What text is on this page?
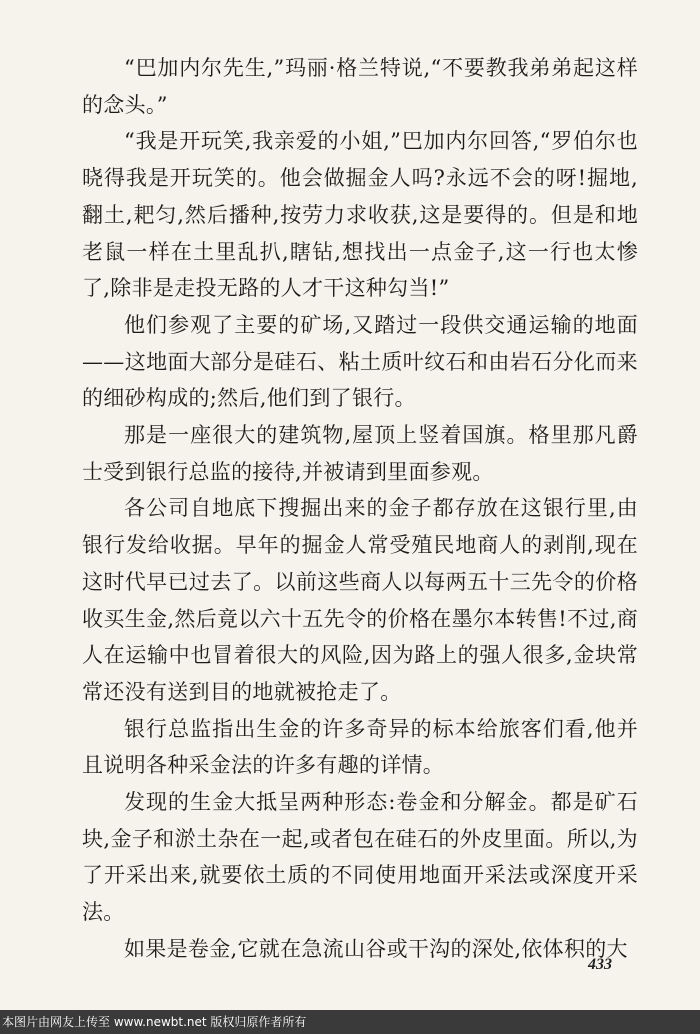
“巴加内尔先生,”玛丽·格兰特说,“不要教我弟弟起这样的念头。”

“我是开玩笑,我亲爱的小姐,”巴加内尔回答,“罗伯尔也晓得我是开玩笑的。他会做掘金人吗?永远不会的呀!掘地,翻土,耙匀,然后播种,按劳力求收获,这是要得的。但是和地老鼠一样在土里乱扒,瞎钻,想找出一点金子,这一行也太惨了,除非是走投无路的人才干这种勾当!”

他们参观了主要的矿场,又踏过一段供交通运输的地面——这地面大部分是硅石、粘土质叶纹石和由岩石分化而来的细砂构成的;然后,他们到了银行。

那是一座很大的建筑物,屋顶上竖着国旗。格里那凡爵士受到银行总监的接待,并被请到里面参观。

各公司自地底下搜掘出来的金子都存放在这银行里,由银行发给收据。早年的掘金人常受殖民地商人的剥削,现在这时代早已过去了。以前这些商人以每两五十三先令的价格收买生金,然后竟以六十五先令的价格在墨尔本转售!不过,商人在运输中也冒着很大的风险,因为路上的强人很多,金块常常还没有送到目的地就被抢走了。

银行总监指出生金的许多奇异的标本给旅客们看,他并且说明各种采金法的许多有趣的详情。

发现的生金大抵呈两种形态:卷金和分解金。都是矿石块,金子和淤土杂在一起,或者包在硅石的外皮里面。所以,为了开采出来,就要依土质的不同使用地面开采法或深度开采法。

如果是卷金,它就在急流山谷或干沟的深处,依体积的大

433
本图片由网友上传至 www.newbt.net 版权归原作者所有
